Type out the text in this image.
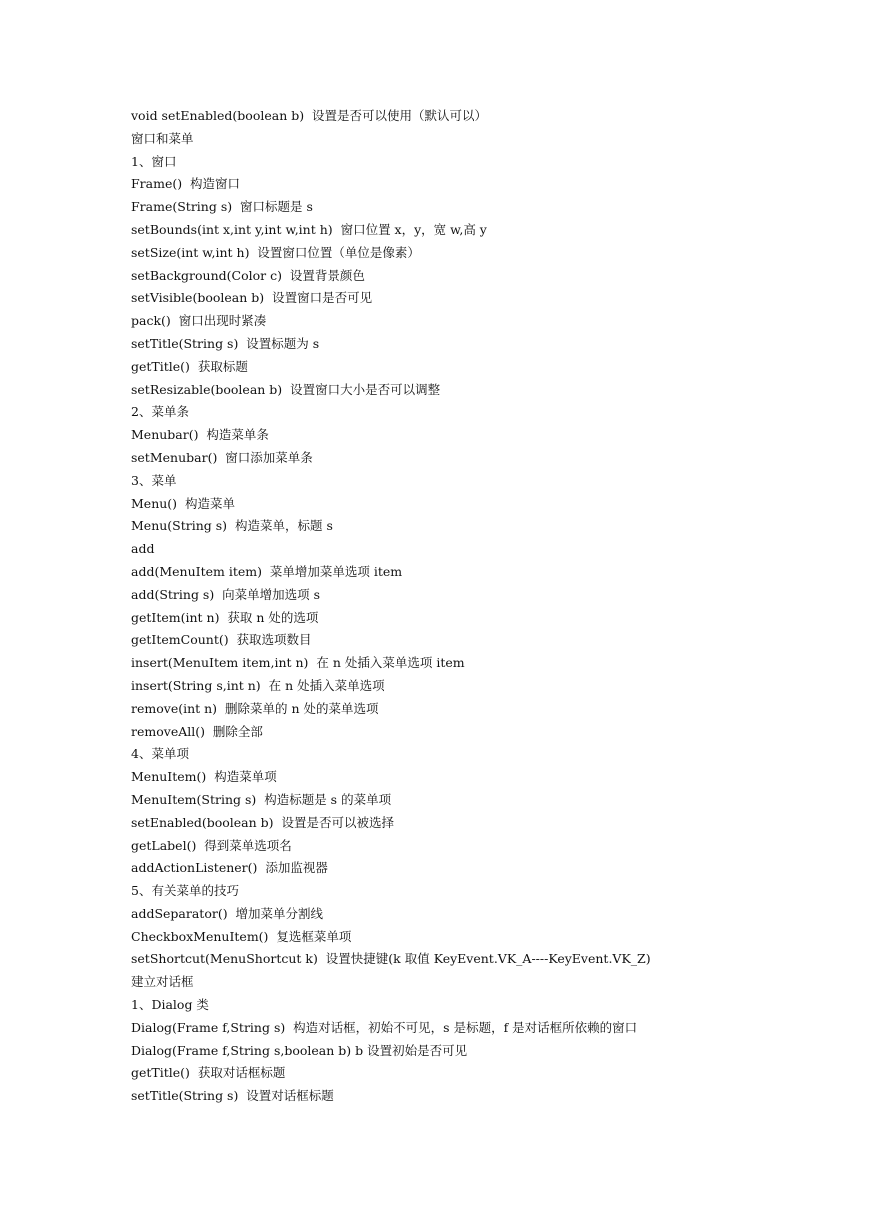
void setEnabled(boolean b)  设置是否可以使用（默认可以）

窗口和菜单

1、窗口

Frame()  构造窗口

Frame(String s)  窗口标题是 s

setBounds(int x,int y,int w,int h)  窗口位置 x，y，宽 w,高 y

setSize(int w,int h)  设置窗口位置（单位是像素）

setBackground(Color c)  设置背景颜色

setVisible(boolean b)  设置窗口是否可见

pack()  窗口出现时紧凑

setTitle(String s)  设置标题为 s

getTitle()  获取标题

setResizable(boolean b)  设置窗口大小是否可以调整

2、菜单条

Menubar()  构造菜单条

setMenubar()  窗口添加菜单条

3、菜单

Menu()  构造菜单

Menu(String s)  构造菜单，标题 s

add

add(MenuItem item)  菜单增加菜单选项 item

add(String s)  向菜单增加选项 s

getItem(int n)  获取 n 处的选项

getItemCount()  获取选项数目

insert(MenuItem item,int n)  在 n 处插入菜单选项 item

insert(String s,int n)  在 n 处插入菜单选项

remove(int n)  删除菜单的 n 处的菜单选项

removeAll()  删除全部

4、菜单项

MenuItem()  构造菜单项

MenuItem(String s)  构造标题是 s 的菜单项

setEnabled(boolean b)  设置是否可以被选择

getLabel()  得到菜单选项名

addActionListener()  添加监视器

5、有关菜单的技巧

addSeparator()  增加菜单分割线

CheckboxMenuItem()  复选框菜单项

setShortcut(MenuShortcut k)  设置快捷键(k 取值 KeyEvent.VK_A----KeyEvent.VK_Z)

建立对话框

1、Dialog 类

Dialog(Frame f,String s)  构造对话框，初始不可见，s 是标题，f 是对话框所依赖的窗口

Dialog(Frame f,String s,boolean b) b 设置初始是否可见

getTitle()  获取对话框标题

setTitle(String s)  设置对话框标题
